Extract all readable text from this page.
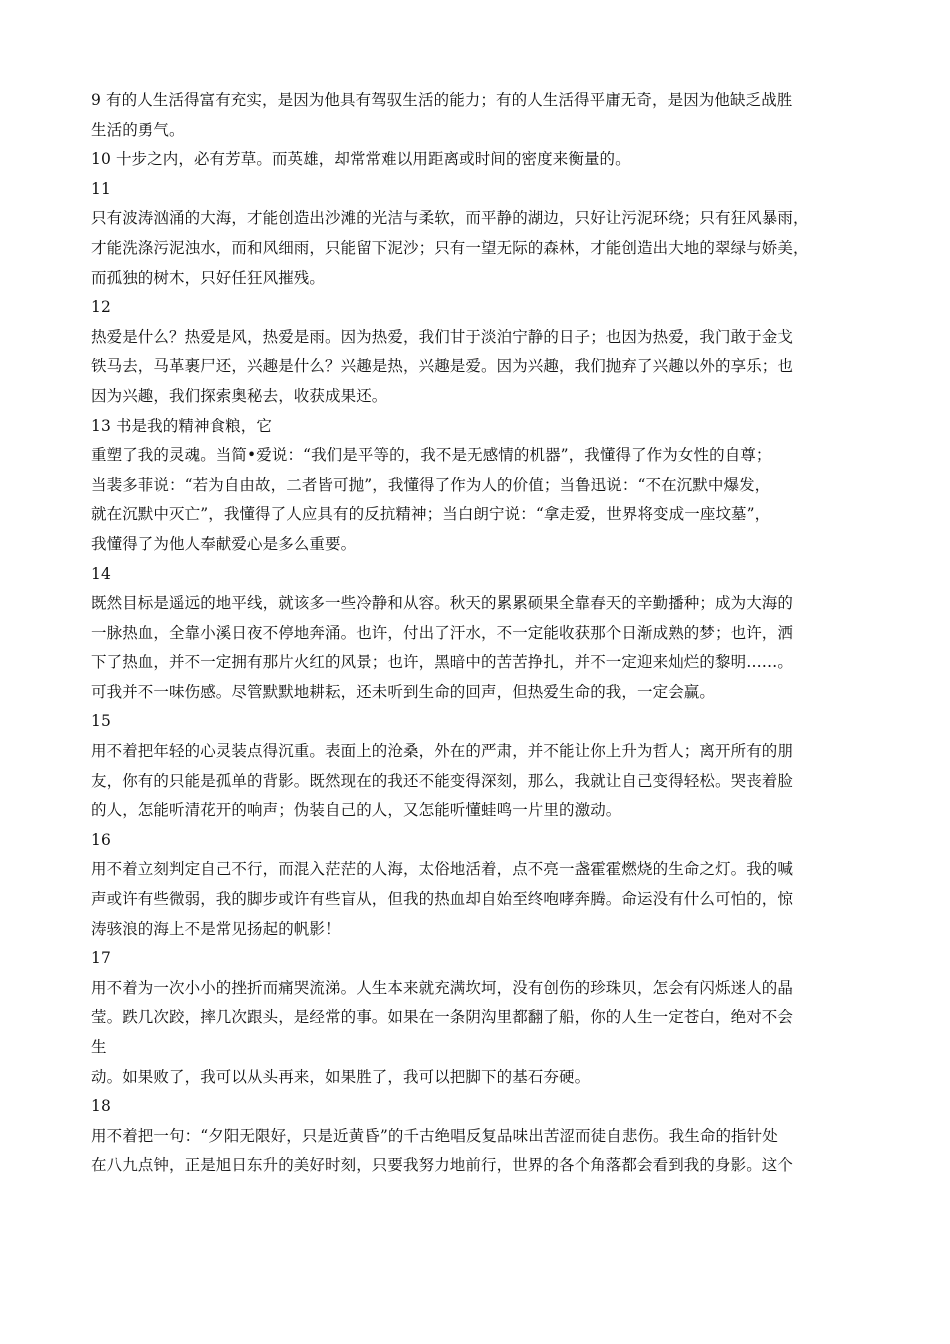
9 有的人生活得富有充实，是因为他具有驾驭生活的能力；有的人生活得平庸无奇，是因为他缺乏战胜
生活的勇气。
10 十步之内，必有芳草。而英雄，却常常难以用距离或时间的密度来衡量的。
11
只有波涛汹涌的大海，才能创造出沙滩的光洁与柔软，而平静的湖边，只好让污泥环绕；只有狂风暴雨，
才能洗涤污泥浊水，而和风细雨，只能留下泥沙；只有一望无际的森林，才能创造出大地的翠绿与娇美，
而孤独的树木，只好任狂风摧残。
12
热爱是什么？热爱是风，热爱是雨。因为热爱，我们甘于淡泊宁静的日子；也因为热爱，我门敢于金戈
铁马去，马革裹尸还，兴趣是什么？兴趣是热，兴趣是爱。因为兴趣，我们抛弃了兴趣以外的享乐；也
因为兴趣，我们探索奥秘去，收获成果还。
13 书是我的精神食粮，它
重塑了我的灵魂。当简•爱说：“我们是平等的，我不是无感情的机器”，我懂得了作为女性的自尊；
当裴多菲说：“若为自由故，二者皆可抛”，我懂得了作为人的价值；当鲁迅说：“不在沉默中爆发，
就在沉默中灭亡”，我懂得了人应具有的反抗精神；当白朗宁说：“拿走爱，世界将变成一座坟墓”，
我懂得了为他人奉献爱心是多么重要。
14
既然目标是遥远的地平线，就该多一些冷静和从容。秋天的累累硕果全靠春天的辛勤播种；成为大海的
一脉热血，全靠小溪日夜不停地奔涌。也许，付出了汗水，不一定能收获那个日渐成熟的梦；也许，洒
下了热血，并不一定拥有那片火红的风景；也许，黑暗中的苦苦挣扎，并不一定迎来灿烂的黎明……。
可我并不一味伤感。尽管默默地耕耘，还未听到生命的回声，但热爱生命的我，一定会赢。
15
用不着把年轻的心灵装点得沉重。表面上的沧桑，外在的严肃，并不能让你上升为哲人；离开所有的朋
友，你有的只能是孤单的背影。既然现在的我还不能变得深刻，那么，我就让自己变得轻松。哭丧着脸
的人，怎能听清花开的响声；伪装自己的人，又怎能听懂蛙鸣一片里的激动。
16
用不着立刻判定自己不行，而混入茫茫的人海，太俗地活着，点不亮一盏霍霍燃烧的生命之灯。我的喊
声或许有些微弱，我的脚步或许有些盲从，但我的热血却自始至终咆哮奔腾。命运没有什么可怕的，惊
涛骇浪的海上不是常见扬起的帆影！
17
用不着为一次小小的挫折而痛哭流涕。人生本来就充满坎坷，没有创伤的珍珠贝，怎会有闪烁迷人的晶
莹。跌几次跤，摔几次跟头，是经常的事。如果在一条阴沟里都翻了船，你的人生一定苍白，绝对不会
生
动。如果败了，我可以从头再来，如果胜了，我可以把脚下的基石夯硬。
18
用不着把一句：“夕阳无限好，只是近黄昏”的千古绝唱反复品味出苦涩而徒自悲伤。我生命的指针处
在八九点钟，正是旭日东升的美好时刻，只要我努力地前行，世界的各个角落都会看到我的身影。这个
